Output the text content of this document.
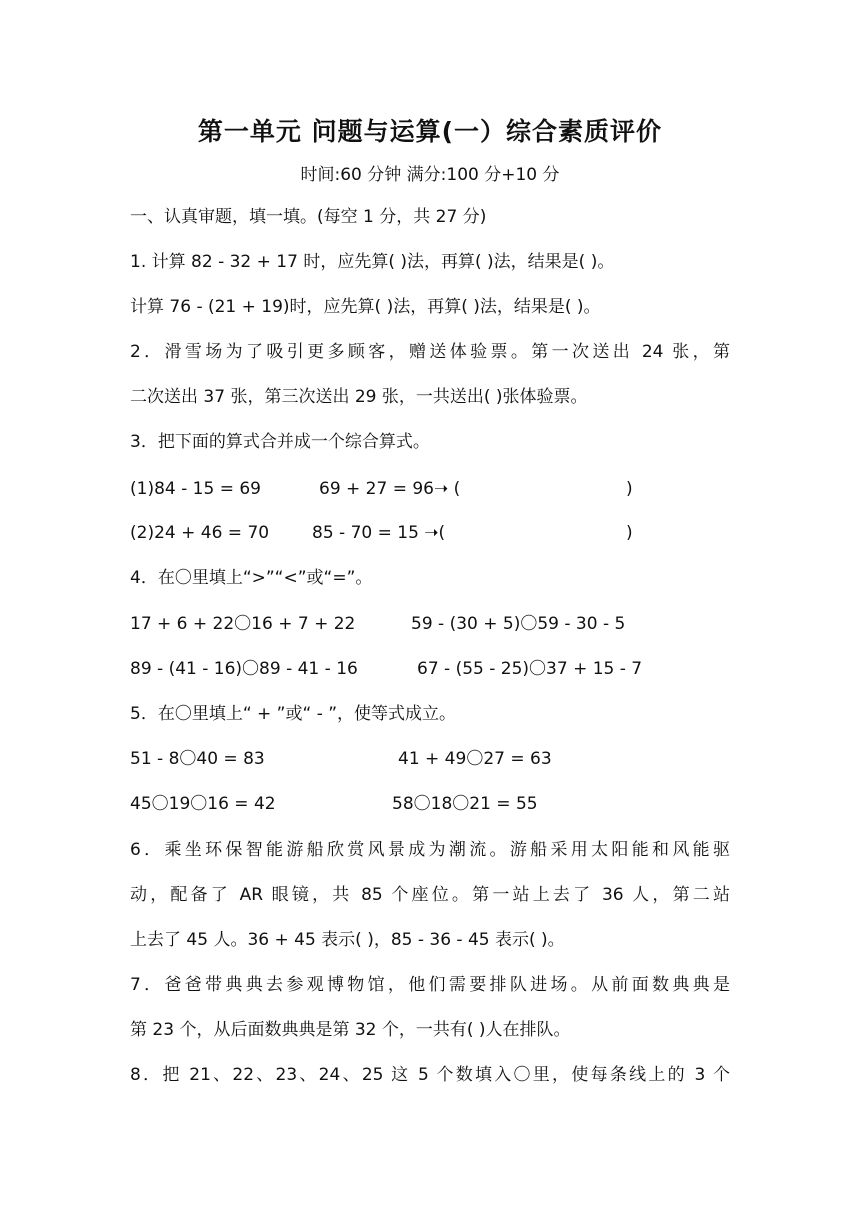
第一单元 问题与运算(一）综合素质评价
时间:60 分钟 满分:100 分+10 分
一、认真审题，填一填。(每空 1 分，共 27 分)
1. 计算 82 - 32 + 17 时，应先算( )法，再算( )法，结果是( )。
计算 76 - (21 + 19)时，应先算( )法，再算( )法，结果是( )。
2．滑雪场为了吸引更多顾客，赠送体验票。第一次送出 24 张，第
二次送出 37 张，第三次送出 29 张，一共送出( )张体验票。
3．把下面的算式合并成一个综合算式。
(1)84 - 15 = 69	69 + 27 = 96➝ (	)
(2)24 + 46 = 70	85 - 70 = 15 ➝(	)
4．在〇里填上“>”“<”或“=”。
17 + 6 + 22〇16 + 7 + 22	59 - (30 + 5)〇59 - 30 - 5
89 - (41 - 16)〇89 - 41 - 16	67 - (55 - 25)〇37 + 15 - 7
5．在〇里填上“ + ”或“ - ”，使等式成立。
51 - 8〇40 = 83	41 + 49〇27 = 63
45〇19〇16 = 42	58〇18〇21 = 55
6．乘坐环保智能游船欣赏风景成为潮流。游船采用太阳能和风能驱
动，配备了 AR 眼镜，共 85 个座位。第一站上去了 36 人，第二站
上去了 45 人。36 + 45 表示( )，85 - 36 - 45 表示( )。
7．爸爸带典典去参观博物馆，他们需要排队进场。从前面数典典是
第 23 个，从后面数典典是第 32 个，一共有( )人在排队。
8．把 21、22、23、24、25 这 5 个数填入〇里，使每条线上的 3 个
